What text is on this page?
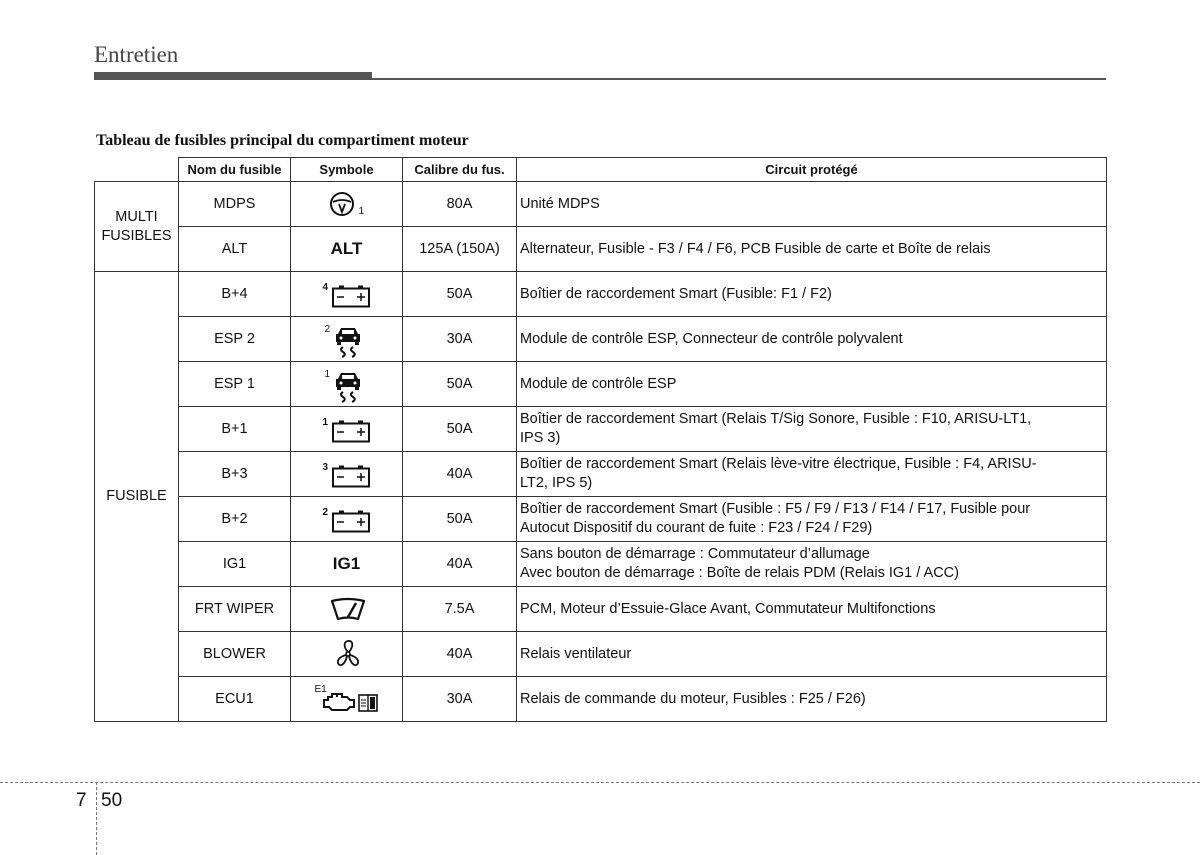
Entretien
Tableau de fusibles principal du compartiment moteur
	Nom du fusible	Symbole	Calibre du fus.	Circuit protégé

MULTI
FUSIBLES	MDPS	1	80A	Unité MDPS

	ALT	ALT	125A (150A)	Alternateur, Fusible - F3 / F4 / F6, PCB Fusible de carte et Boîte de relais

FUSIBLE	B+4	4	50A	Boîtier de raccordement Smart (Fusible: F1 / F2)

	ESP 2	2	30A	Module de contrôle ESP, Connecteur de contrôle polyvalent

	ESP 1	1	50A	Module de contrôle ESP

	B+1	1	50A	Boîtier de raccordement Smart (Relais T/Sig Sonore, Fusible : F10, ARISU-LT1,
IPS 3)

	B+3	3	40A	Boîtier de raccordement Smart (Relais lève-vitre électrique, Fusible : F4, ARISU-
LT2, IPS 5)

	B+2	2	50A	Boîtier de raccordement Smart (Fusible : F5 / F9 / F13 / F14 / F17, Fusible pour
Autocut Dispositif du courant de fuite : F23 / F24 / F29)

	IG1	IG1	40A	Sans bouton de démarrage : Commutateur d’allumage
Avec bouton de démarrage : Boîte de relais PDM (Relais IG1 / ACC)

	FRT WIPER		7.5A	PCM, Moteur d’Essuie-Glace Avant, Commutateur Multifonctions

	BLOWER		40A	Relais ventilateur

	ECU1	E1	30A	Relais de commande du moteur, Fusibles : F25 / F26)
7 50
